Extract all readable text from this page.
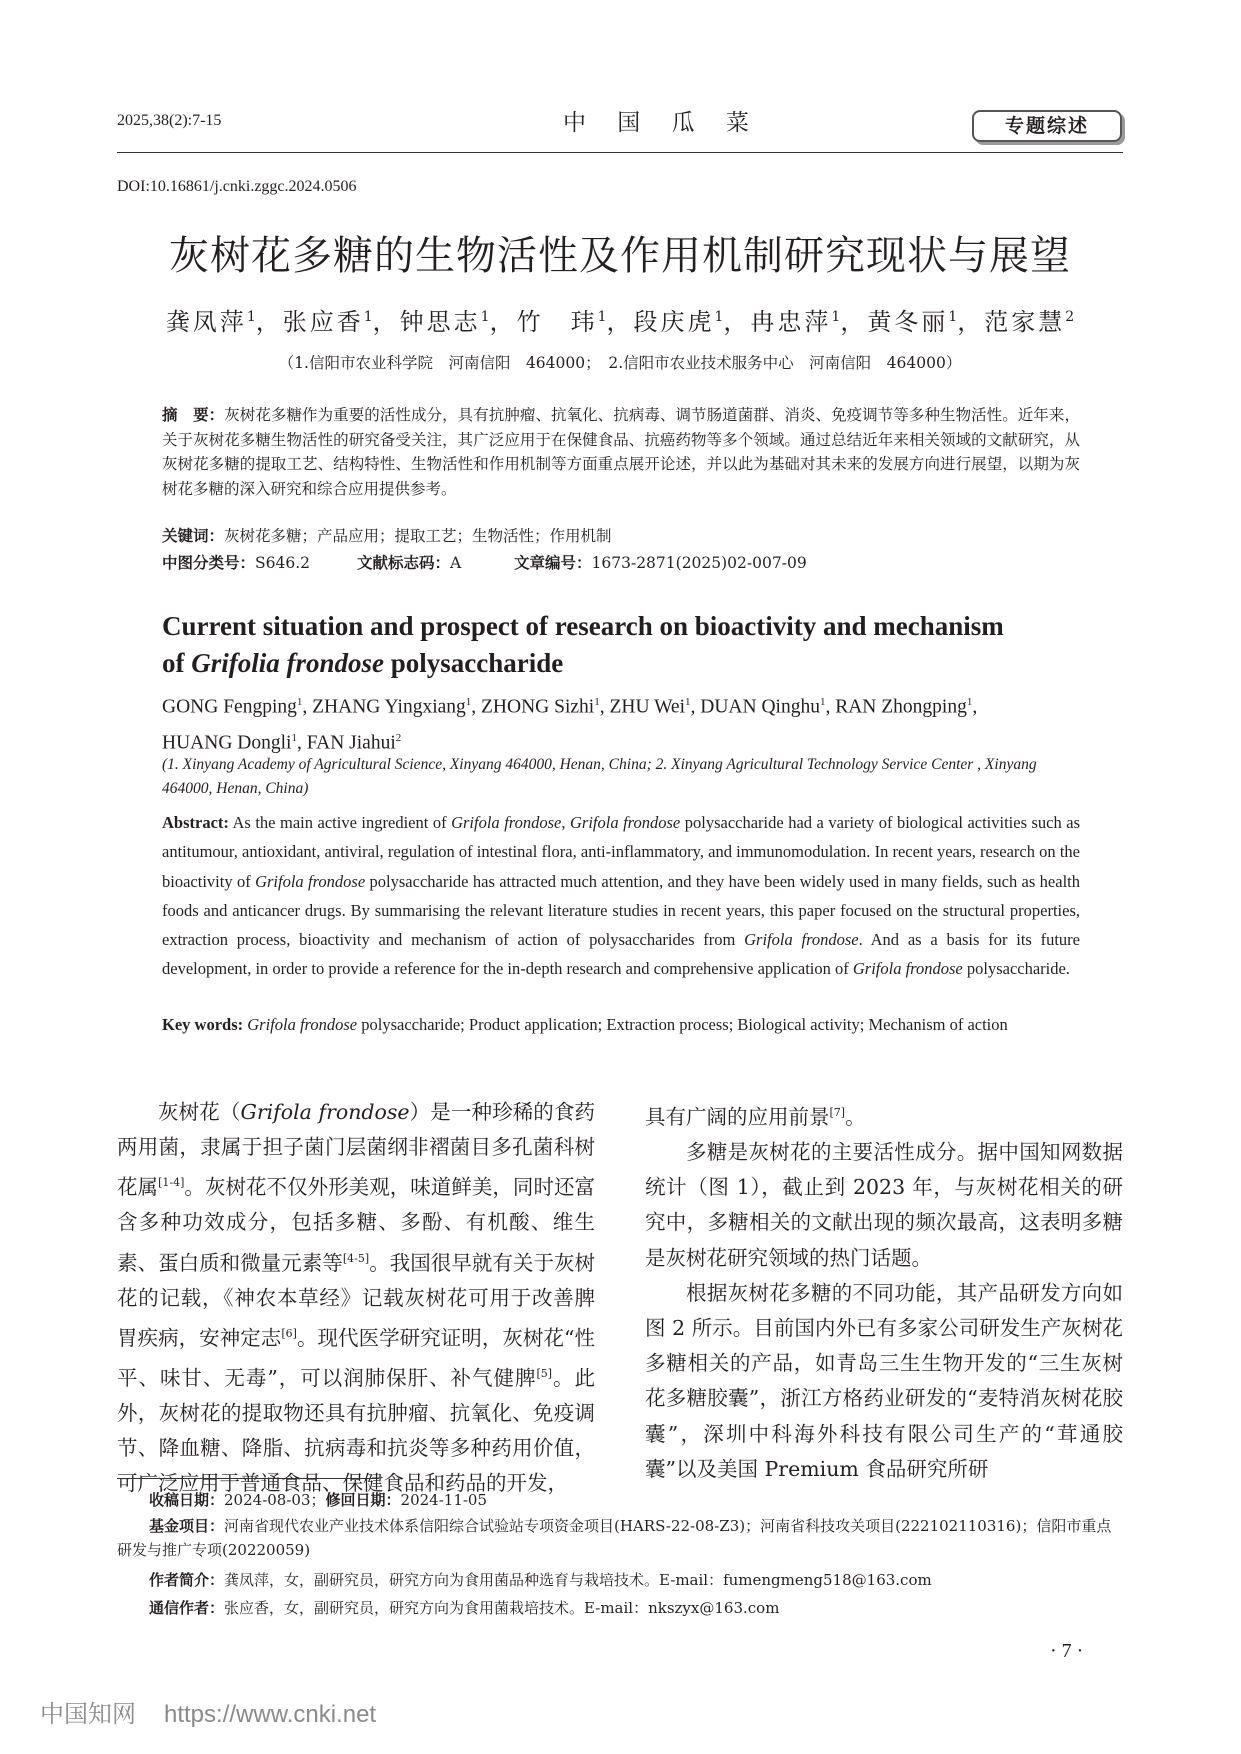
2025,38(2):7-15	中 国 瓜 菜	专题综述
DOI:10.16861/j.cnki.zggc.2024.0506
灰树花多糖的生物活性及作用机制研究现状与展望
龚凤萍$^1$，张应香$^1$，钟思志$^1$，竹　玮$^1$，段庆虎$^1$，冉忠萍$^1$，黄冬丽$^1$，范家慧$^2$
（1.信阳市农业科学院　河南信阳　464000；　2.信阳市农业技术服务中心　河南信阳　464000）
摘　要：灰树花多糖作为重要的活性成分，具有抗肿瘤、抗氧化、抗病毒、调节肠道菌群、消炎、免疫调节等多种生物活性。近年来，关于灰树花多糖生物活性的研究备受关注，其广泛应用于在保健食品、抗癌药物等多个领域。通过总结近年来相关领域的文献研究，从灰树花多糖的提取工艺、结构特性、生物活性和作用机制等方面重点展开论述，并以此为基础对其未来的发展方向进行展望，以期为灰树花多糖的深入研究和综合应用提供参考。
关键词：灰树花多糖；产品应用；提取工艺；生物活性；作用机制
中图分类号：S646.2	文献标志码：A	文章编号：1673-2871(2025)02-007-09
Current situation and prospect of research on bioactivity and mechanism
of Grifolia frondose polysaccharide
GONG Fengping$^1$, ZHANG Yingxiang$^1$, ZHONG Sizhi$^1$, ZHU Wei$^1$, DUAN Qinghu$^1$, RAN Zhongping$^1$,
HUANG Dongli$^1$, FAN Jiahui$^2$
(1. Xinyang Academy of Agricultural Science, Xinyang 464000, Henan, China; 2. Xinyang Agricultural Technology Service Center , Xinyang 464000, Henan, China)
Abstract: As the main active ingredient of Grifola frondose, Grifola frondose polysaccharide had a variety of biological activities such as antitumour, antioxidant, antiviral, regulation of intestinal flora, anti-inflammatory, and immunomodulation. In recent years, research on the bioactivity of Grifola frondose polysaccharide has attracted much attention, and they have been widely used in many fields, such as health foods and anticancer drugs. By summarising the relevant literature studies in recent years, this paper focused on the structural properties, extraction process, bioactivity and mechanism of action of polysaccharides from Grifola frondose. And as a basis for its future development, in order to provide a reference for the in-depth research and comprehensive application of Grifola frondose polysaccharide.
Key words: Grifola frondose polysaccharide; Product application; Extraction process; Biological activity; Mechanism of action

灰树花（Grifola frondose）是一种珍稀的食药两用菌，隶属于担子菌门层菌纲非褶菌目多孔菌科树花属[1-4]。灰树花不仅外形美观，味道鲜美，同时还富含多种功效成分，包括多糖、多酚、有机酸、维生素、蛋白质和微量元素等[4-5]。我国很早就有关于灰树花的记载，《神农本草经》记载灰树花可用于改善脾胃疾病，安神定志[6]。现代医学研究证明，灰树花“性平、味甘、无毒”，可以润肺保肝、补气健脾[5]。此外，灰树花的提取物还具有抗肿瘤、抗氧化、免疫调节、降血糖、降脂、抗病毒和抗炎等多种药用价值，可广泛应用于普通食品、保健食品和药品的开发，

具有广阔的应用前景[7]。

多糖是灰树花的主要活性成分。据中国知网数据统计（图 1），截止到 2023 年，与灰树花相关的研究中，多糖相关的文献出现的频次最高，这表明多糖是灰树花研究领域的热门话题。

根据灰树花多糖的不同功能，其产品研发方向如图 2 所示。目前国内外已有多家公司研发生产灰树花多糖相关的产品，如青岛三生生物开发的“三生灰树花多糖胶囊”，浙江方格药业研发的“麦特消灰树花胶囊”，深圳中科海外科技有限公司生产的“茸通胶囊”以及美国 Premium 食品研究所研

收稿日期：2024-08-03；修回日期：2024-11-05
基金项目：河南省现代农业产业技术体系信阳综合试验站专项资金项目(HARS-22-08-Z3)；河南省科技攻关项目(222102110316)；信阳市重点研发与推广专项(20220059)
作者简介：龚凤萍，女，副研究员，研究方向为食用菌品种选育与栽培技术。E-mail：fumengmeng518@163.com
通信作者：张应香，女，副研究员，研究方向为食用菌栽培技术。E-mail：nkszyx@163.com
· 7 ·
中国知网 https://www.cnki.net
